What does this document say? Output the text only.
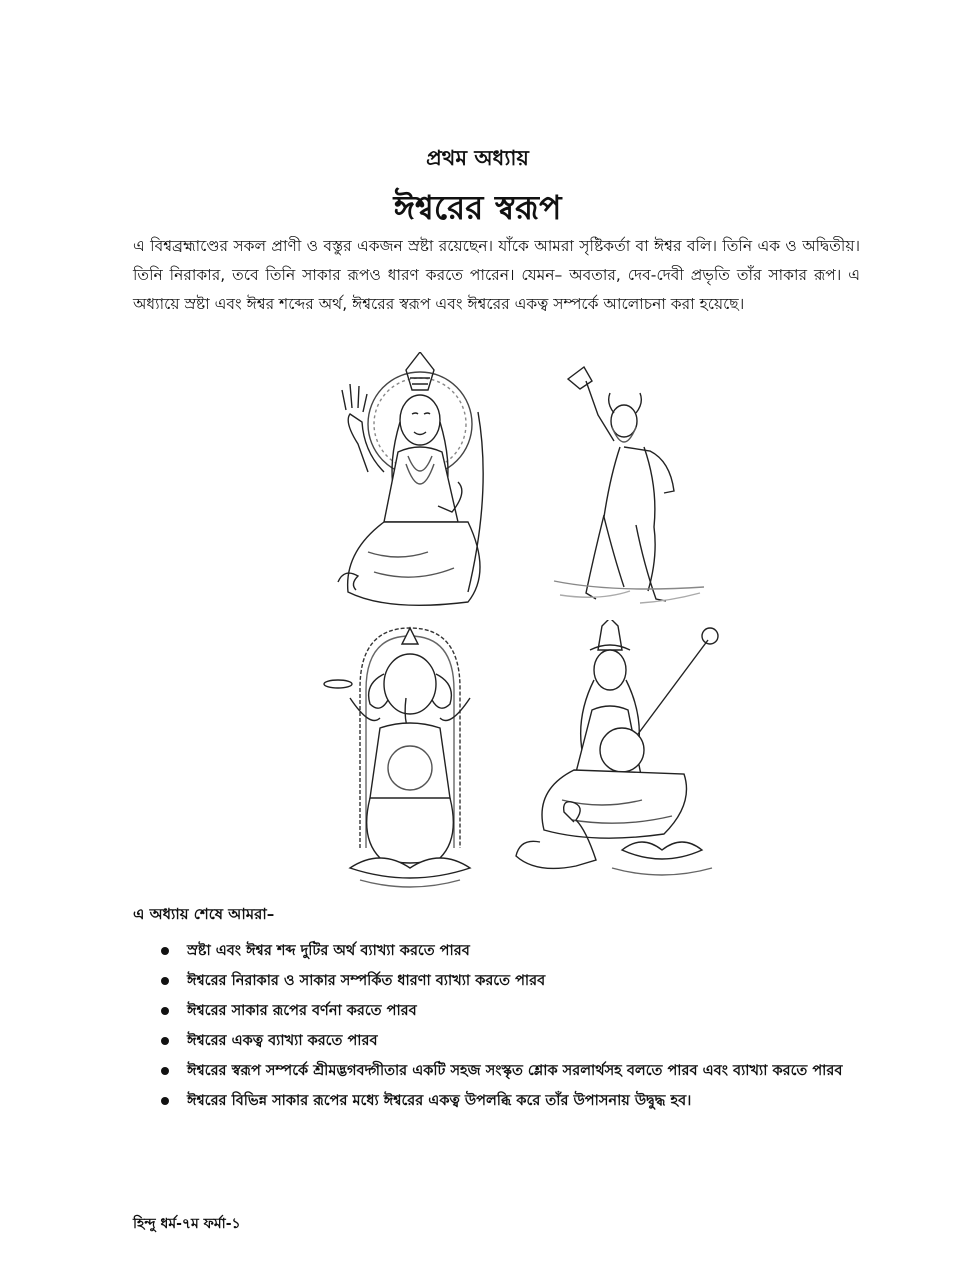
প্রথম অধ্যায়
ঈশ্বরের স্বরূপ

এ বিশ্বব্রহ্মাণ্ডের সকল প্রাণী ও বস্তুর একজন স্রষ্টা রয়েছেন। যাঁকে আমরা সৃষ্টিকর্তা বা ঈশ্বর বলি। তিনি এক ও অদ্বিতীয়। তিনি নিরাকার, তবে তিনি সাকার রূপও ধারণ করতে পারেন। যেমন– অবতার, দেব-দেবী প্রভৃতি তাঁর সাকার রূপ। এ অধ্যায়ে স্রষ্টা এবং ঈশ্বর শব্দের অর্থ, ঈশ্বরের স্বরূপ এবং ঈশ্বরের একত্ব সম্পর্কে আলোচনা করা হয়েছে।

এ অধ্যায় শেষে আমরা–
স্রষ্টা এবং ঈশ্বর শব্দ দুটির অর্থ ব্যাখ্যা করতে পারব
ঈশ্বরের নিরাকার ও সাকার সম্পর্কিত ধারণা ব্যাখ্যা করতে পারব
ঈশ্বরের সাকার রূপের বর্ণনা করতে পারব
ঈশ্বরের একত্ব ব্যাখ্যা করতে পারব
ঈশ্বরের স্বরূপ সম্পর্কে শ্রীমদ্ভগবদ্গীতার একটি সহজ সংস্কৃত শ্লোক সরলার্থসহ বলতে পারব এবং ব্যাখ্যা করতে পারব
ঈশ্বরের বিভিন্ন সাকার রূপের মধ্যে ঈশ্বরের একত্ব উপলব্ধি করে তাঁর উপাসনায় উদ্বুদ্ধ হব।
হিন্দু ধর্ম-৭ম ফর্মা-১
